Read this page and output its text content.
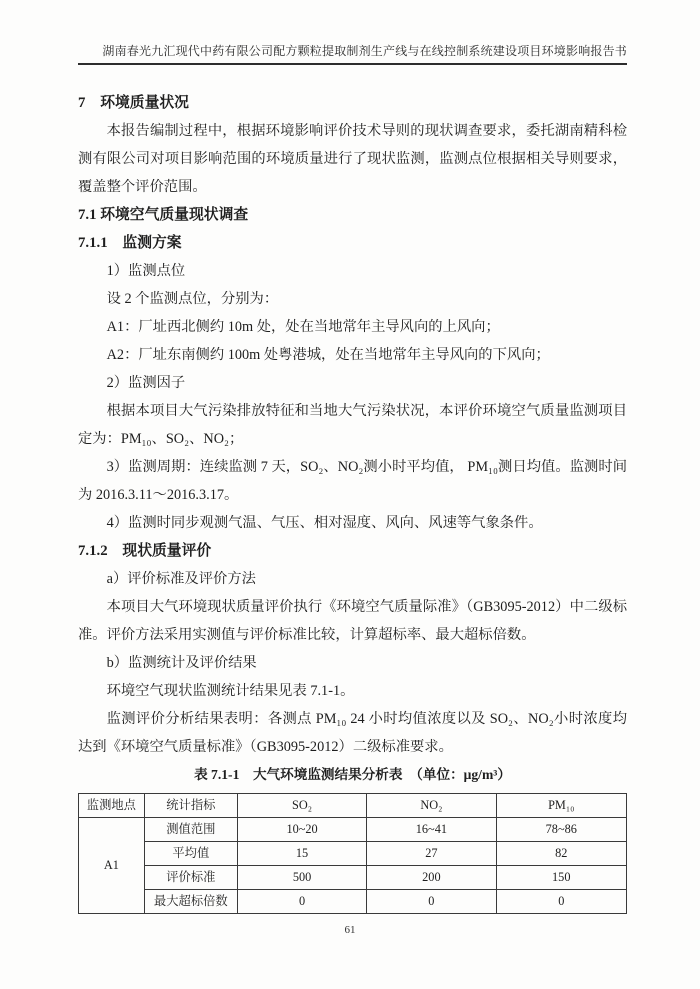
湖南春光九汇现代中药有限公司配方颗粒提取制剂生产线与在线控制系统建设项目环境影响报告书
7　环境质量状况

本报告编制过程中，根据环境影响评价技术导则的现状调查要求，委托湖南精科检测有限公司对项目影响范围的环境质量进行了现状监测，监测点位根据相关导则要求，覆盖整个评价范围。

7.1 环境空气质量现状调查
7.1.1　监测方案

1）监测点位

设 2 个监测点位，分别为：

A1：厂址西北侧约 10m 处，处在当地常年主导风向的上风向；

A2：厂址东南侧约 100m 处粤港城，处在当地常年主导风向的下风向；

2）监测因子

根据本项目大气污染排放特征和当地大气污染状况，本评价环境空气质量监测项目定为：PM₁₀、SO₂、NO₂；

3）监测周期：连续监测 7 天，SO₂、NO₂测小时平均值， PM₁₀测日均值。监测时间为 2016.3.11～2016.3.17。

4）监测时同步观测气温、气压、相对湿度、风向、风速等气象条件。

7.1.2　现状质量评价

a）评价标准及评价方法

本项目大气环境现状质量评价执行《环境空气质量际准》（GB3095-2012）中二级标准。评价方法采用实测值与评价标准比较，计算超标率、最大超标倍数。

b）监测统计及评价结果

环境空气现状监测统计结果见表 7.1-1。

监测评价分析结果表明：各测点 PM₁₀ 24 小时均值浓度以及 SO₂、NO₂小时浓度均达到《环境空气质量标准》（GB3095-2012）二级标准要求。

表 7.1-1　大气环境监测结果分析表　（单位：μg/m³）
监测地点	统计指标	SO₂	NO₂	PM₁₀
A1	测值范围	10~20	16~41	78~86
	平均值	15	27	82
	评价标准	500	200	150
	最大超标倍数	0	0	0
61
